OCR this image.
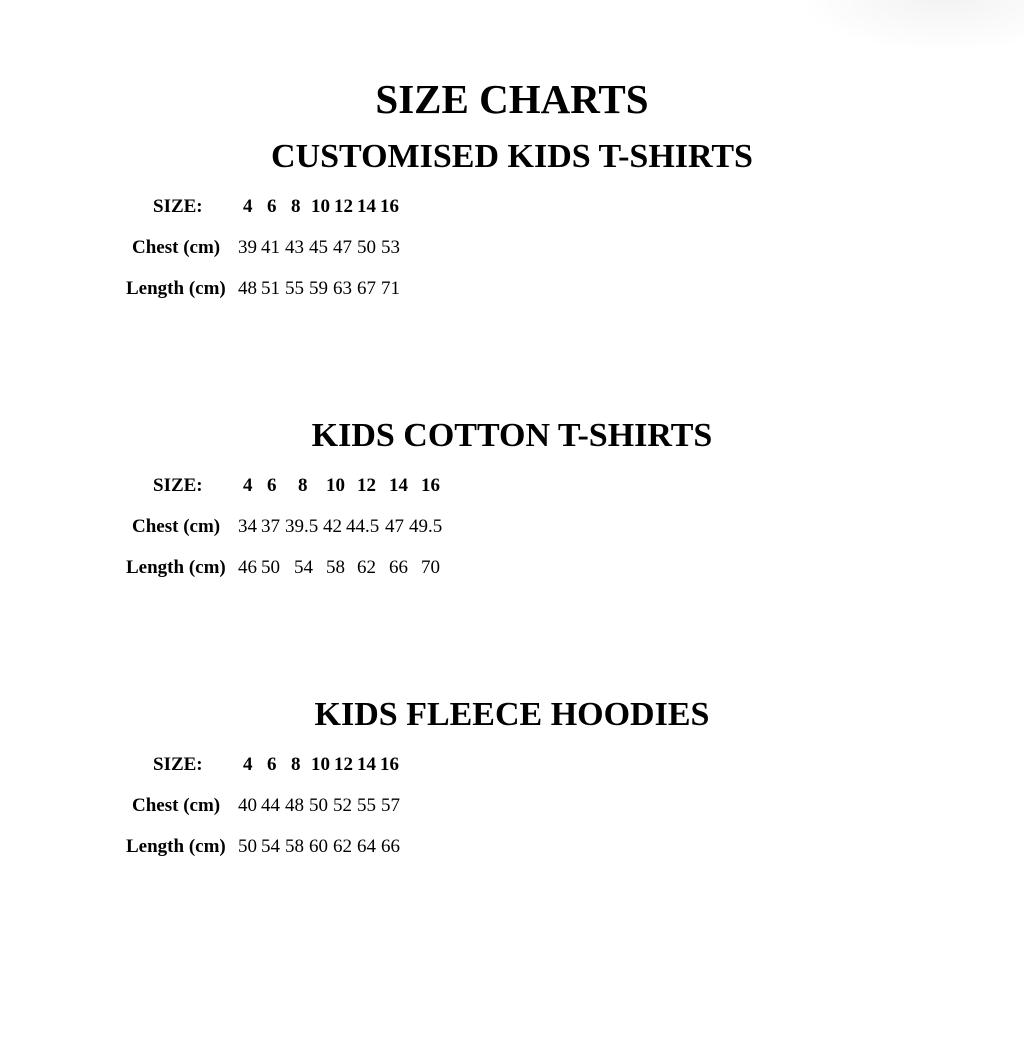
SIZE CHARTS
CUSTOMISED KIDS T-SHIRTS
SIZE: 4 6 8 10 12 14 16
Chest (cm) 39 41 43 45 47 50 53
Length (cm) 48 51 55 59 63 67 71
KIDS COTTON T-SHIRTS
SIZE: 4 6 8 10 12 14 16
Chest (cm) 34 37 39.5 42 44.5 47 49.5
Length (cm) 46 50 54 58 62 66 70
KIDS FLEECE HOODIES
SIZE: 4 6 8 10 12 14 16
Chest (cm) 40 44 48 50 52 55 57
Length (cm) 50 54 58 60 62 64 66
